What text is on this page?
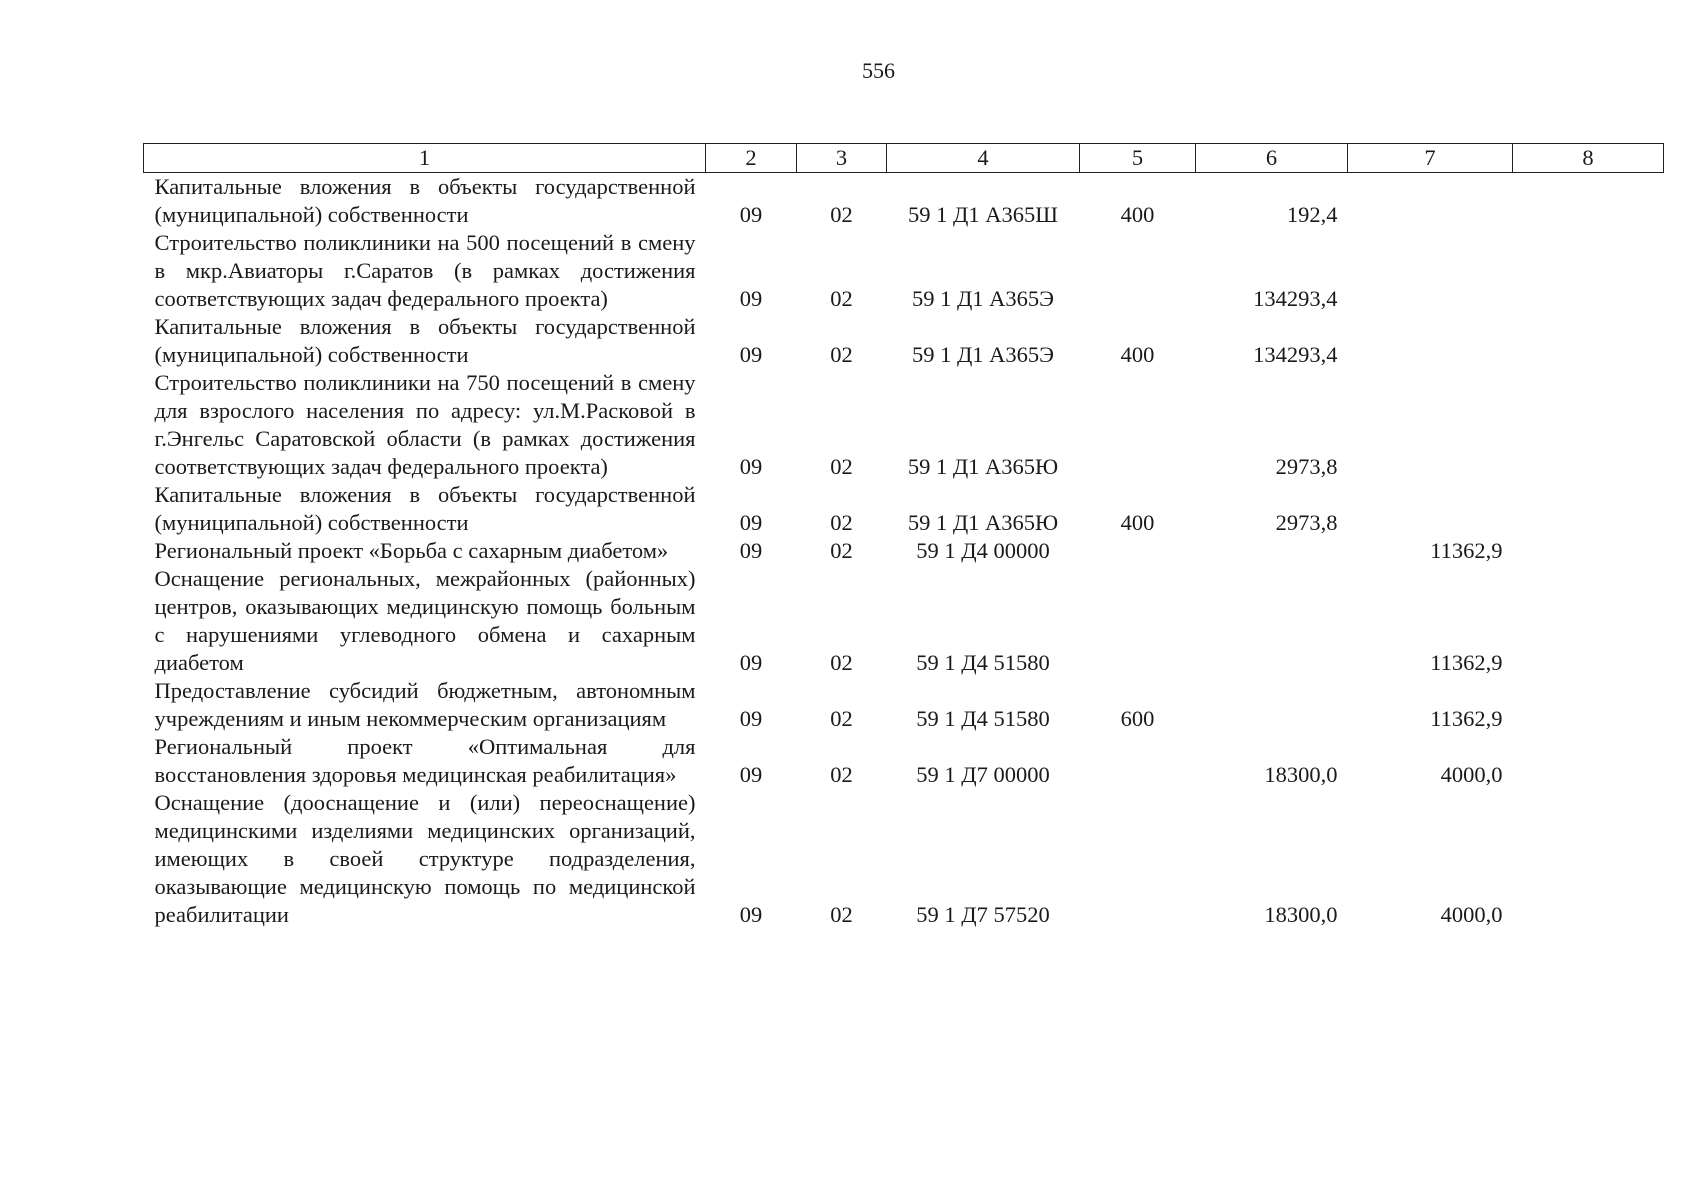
556
1	2	3	4	5	6	7	8
Капитальные вложения в объекты государственной (муниципальной) собственности	09	02	59 1 Д1 А365Ш	400	192,4		
Строительство поликлиники на 500 посещений в смену в мкр.Авиаторы г.Саратов (в рамках достижения соответствующих задач федерального проекта)	09	02	59 1 Д1 А365Э		134293,4		
Капитальные вложения в объекты государственной (муниципальной) собственности	09	02	59 1 Д1 А365Э	400	134293,4		
Строительство поликлиники на 750 посещений в смену для взрослого населения по адресу: ул.М.Расковой в г.Энгельс Саратовской области (в рамках достижения соответствующих задач федерального проекта)	09	02	59 1 Д1 А365Ю		2973,8		
Капитальные вложения в объекты государственной (муниципальной) собственности	09	02	59 1 Д1 А365Ю	400	2973,8		
Региональный проект «Борьба с сахарным диабетом»	09	02	59 1 Д4 00000			11362,9	
Оснащение региональных, межрайонных (районных) центров, оказывающих медицинскую помощь больным с нарушениями углеводного обмена и сахарным диабетом	09	02	59 1 Д4 51580			11362,9	
Предоставление субсидий бюджетным, автономным учреждениям и иным некоммерческим организациям	09	02	59 1 Д4 51580	600		11362,9	
Региональный проект «Оптимальная для восстановления здоровья медицинская реабилитация»	09	02	59 1 Д7 00000		18300,0	4000,0	
Оснащение (дооснащение и (или) переоснащение) медицинскими изделиями медицинских организаций, имеющих в своей структуре подразделения, оказывающие медицинскую помощь по медицинской реабилитации	09	02	59 1 Д7 57520		18300,0	4000,0	
